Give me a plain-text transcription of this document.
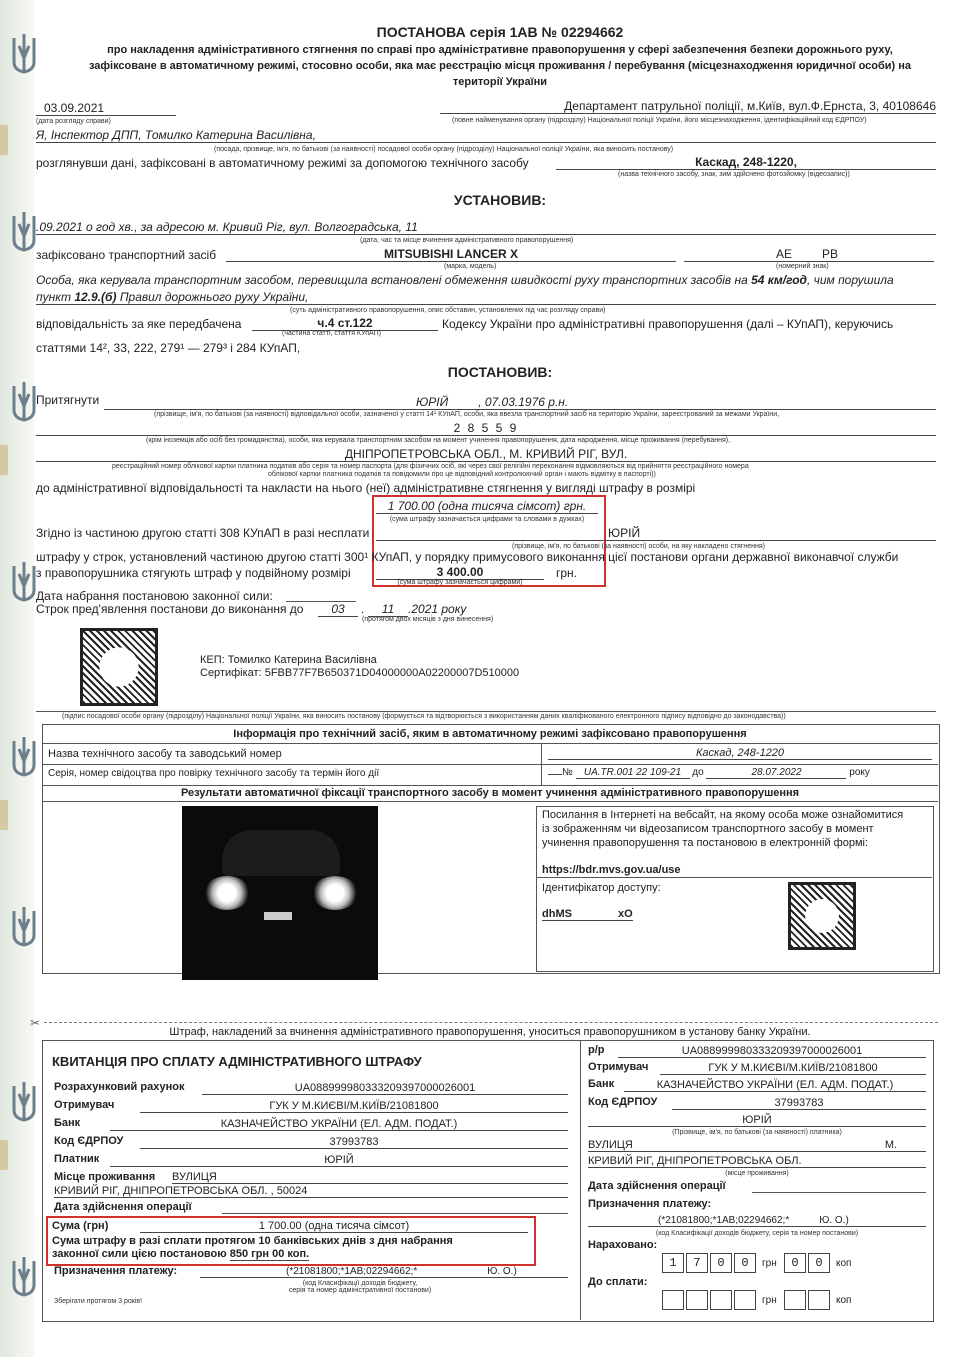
ПОСТАНОВА серія 1АВ № 02294662
про накладення адміністративного стягнення по справі про адміністративне правопорушення у сфері забезпечення безпеки дорожнього руху,
зафіксоване в автоматичному режимі, стосовно особи, яка має реєстрацію місця проживання / перебування (місцезнаходження юридичної особи) на
території України
03.09.2021
(дата розгляду справи)
Департамент патрульної поліції, м.Київ, вул.Ф.Ернста, 3, 40108646
(повне найменування органу (підрозділу) Національної поліції України, його місцезнаходження, ідентифікаційний код ЄДРПОУ)
Я, Інспектор ДПП, Томилко Катерина Василівна,
(посада, прізвище, ім'я, по батькові (за наявності) посадової особи органу (підрозділу) Національної поліції України, яка виносить постанову)
розглянувши дані, зафіксовані в автоматичному режимі за допомогою технічного засобу	Каскад, 248-1220,
(назва технічного засобу, знак, зим здійснено фотозйомку (відеозапис))
УСТАНОВИВ:
.09.2021 о год хв., за адресою м. Кривий Ріг, вул. Волгоградська, 11
(дата, час та місце вчинення адміністративного правопорушення)
зафіксовано транспортний засіб	MITSUBISHI LANCER X
(марка, модель)
AE	PB
(номерний знак)
Особа, яка керувала транспортним засобом, перевищила встановлені обмеження швидкості руху транспортних засобів на 54 км/год, чим порушила
пункт 12.9.(б) Правил дорожнього руху України,
(суть адміністративного правопорушення, опис обставин, установлених під час розгляду справи)
відповідальність за яке передбачена	ч.4 ст.122
(частина статті, стаття КУпАП)
Кодексу України про адміністративні правопорушення (далі – КУпАП), керуючись
статтями 14², 33, 222, 279¹ — 279³ і 284 КУпАП,
ПОСТАНОВИВ:
Притягнути	ЮРІЙ	, 07.03.1976 р.н.
(прізвище, ім'я, по батькові (за наявності) відповідальної особи, зазначеної у статті 14¹ КУпАП, особи, яка ввезла транспортний засіб на територію України, зареєстрований за межами України,
2 8 5 5 9
(крім іноземців або осіб без громадянства), особи, яка керувала транспортним засобом на момент учинення правопорушення, дата народження, місце проживання (перебування),
ДНІПРОПЕТРОВСЬКА ОБЛ., М. КРИВИЙ РІГ, ВУЛ.
реєстраційний номер облікової картки платника податків або серія та номер паспорта (для фізичних осіб, які через свої релігійні переконання відмовляються від прийняття реєстраційного номера
облікової картки платника податків та повідомили про це відповідний контролюючий орган і мають відмітку в паспорті))
до адміністративної відповідальності та накласти на нього (неї) адміністративне стягнення у вигляді штрафу в розмірі
1 700.00 (одна тисяча сімсот) грн.
(сума штрафу зазначається цифрами та словами в дужках)
Згідно із частиною другою статті 308 КУпАП в разі несплати	ЮРІЙ
(прізвище, ім'я, по батькові (за наявності) особи, на яку накладено стягнення)
штрафу у строк, установлений частиною другою статті 300¹ КУпАП, у порядку примусового виконання цієї постанови органи державної виконавчої служби
з правопорушника стягують штраф у подвійному розмірі	3 400.00	грн.
(сума штрафу зазначається цифрами)
Дата набрання постановою законної сили:
Строк пред'явлення постанови до виконання до	03 . 11 .2021 року
(протягом двох місяців з дня винесення)
КЕП: Томилко Катерина Василівна
Сертифікат: 5FBB77F7B650371D04000000A02200007D510000
(підпис посадової особи органу (підрозділу) Національної поліції України, яка виносить постанову (формується та відтворюється з використанням даних кваліфікованого електронного підпису відповідно до законодавства))
Інформація про технічний засіб, яким в автоматичному режимі зафіксовано правопорушення
Назва технічного засобу та заводський номер	Каскад, 248-1220
Серія, номер свідоцтва про повірку технічного засобу та термін його дії	№ UA.TR.001 22 109-21 до	28.07.2022	року
Результати автоматичної фіксації транспортного засобу в момент учинення адміністративного правопорушення
Посилання в Інтернеті на вебсайт, на якому особа може ознайомитися із зображенням чи відеозаписом транспортного засобу в момент учинення правопорушення та постановою в електронній формі:
https://bdr.mvs.gov.ua/use
Ідентифікатор доступу:
dhMS	xO
✂
Штраф, накладений за вчинення адміністративного правопорушення, уноситься правопорушником в установу банку України.
КВИТАНЦІЯ ПРО СПЛАТУ АДМІНІСТРАТИВНОГО ШТРАФУ
Розрахунковий рахунок	UA088999980333209397000026001
Отримувач	ГУК У М.КИЄВІ/М.КИЇВ/21081800
Банк	КАЗНАЧЕЙСТВО УКРАЇНИ (ЕЛ. АДМ. ПОДАТ.)
Код ЄДРПОУ	37993783
Платник	ЮРІЙ
Місце проживання ВУЛИЦЯ
КРИВИЙ РІГ, ДНІПРОПЕТРОВСЬКА ОБЛ. , 50024
Дата здійснення операції
Сума (грн)	1 700.00 (одна тисяча сімсот)
Сума штрафу в разі сплати протягом 10 банківських днів з дня набрання
законної сили цією постановою 850 грн 00 коп.
Призначення платежу:	(*21081800;*1АВ;02294662;*	Ю. О.)
(код Класифікації доходів бюджету,
серія та номер адміністративної постанови)
Зберігати протягом 3 років!
р/р	UA088999980333209397000026001
Отримувач	ГУК У М.КИЄВІ/М.КИЇВ/21081800
Банк	КАЗНАЧЕЙСТВО УКРАЇНИ (ЕЛ. АДМ. ПОДАТ.)
Код ЄДРПОУ	37993783
ЮРІЙ
(Прізвище, ім'я, по батькові (за наявності) платника)
ВУЛИЦЯ	М.
КРИВИЙ РІГ, ДНІПРОПЕТРОВСЬКА ОБЛ.
(місце проживання)
Дата здійснення операції
Призначення платежу:
(*21081800;*1АВ;02294662;*	Ю. О.)
(код Класифікації доходів бюджету, серія та номер постанови)
Нараховано:
1	7	0	0	грн	0	0	коп
До сплати:
грн	коп
